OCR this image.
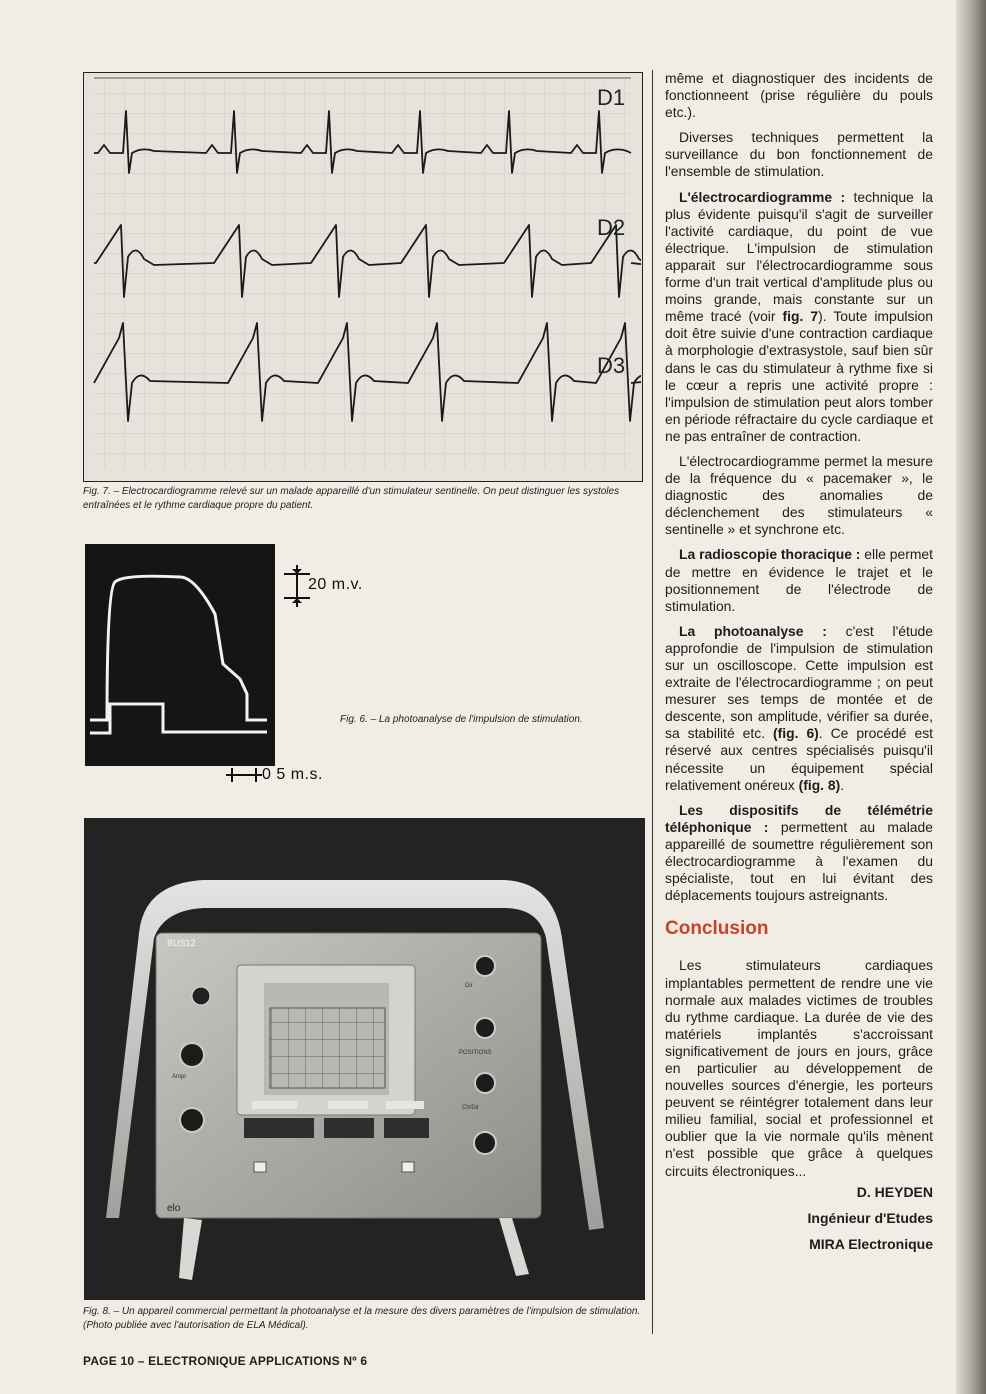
D1
D2
D3
Fig. 7. – Electrocardiogramme relevé sur un malade appareillé d'un stimulateur sentinelle. On peut distinguer les systoles entraînées et le rythme cardiaque propre du patient.
20 m.v.
0 5 m.s.
Fig. 6. – La photoanalyse de l'impulsion de stimulation.
BUS12
elo
POSITIONS
Ch/Dir
Dir
Ampl
Fig. 8. – Un appareil commercial permettant la photoanalyse et la mesure des divers paramètres de l'impulsion de stimulation. (Photo publiée avec l'autorisation de ELA Médical).

même et diagnostiquer des incidents de fonctionneent (prise régulière du pouls etc.).

Diverses techniques permettent la surveillance du bon fonctionnement de l'ensemble de stimulation.

L'électrocardiogramme : technique la plus évidente puisqu'il s'agit de surveiller l'activité cardiaque, du point de vue électrique. L'impulsion de stimulation apparait sur l'électrocardiogramme sous forme d'un trait vertical d'amplitude plus ou moins grande, mais constante sur un même tracé (voir fig. 7). Toute impulsion doit être suivie d'une contraction cardiaque à morphologie d'extrasystole, sauf bien sûr dans le cas du stimulateur à rythme fixe si le cœur a repris une activité propre : l'impulsion de stimulation peut alors tomber en période réfractaire du cycle cardiaque et ne pas entraîner de contraction.

L'électrocardiogramme permet la mesure de la fréquence du « pacemaker », le diagnostic des anomalies de déclenchement des stimulateurs « sentinelle » et synchrone etc.

La radioscopie thoracique : elle permet de mettre en évidence le trajet et le positionnement de l'électrode de stimulation.

La photoanalyse : c'est l'étude approfondie de l'impulsion de stimulation sur un oscilloscope. Cette impulsion est extraite de l'électrocardiogramme ; on peut mesurer ses temps de montée et de descente, son amplitude, vérifier sa durée, sa stabilité etc. (fig. 6). Ce procédé est réservé aux centres spécialisés puisqu'il nécessite un équipement spécial relativement onéreux (fig. 8).

Les dispositifs de télémétrie téléphonique : permettent au malade appareillé de soumettre régulièrement son électrocardiogramme à l'examen du spécialiste, tout en lui évitant des déplacements toujours astreignants.

Conclusion

Les stimulateurs cardiaques implantables permettent de rendre une vie normale aux malades victimes de troubles du rythme cardiaque. La durée de vie des matériels implantés s'accroissant significativement de jours en jours, grâce en particulier au développement de nouvelles sources d'énergie, les porteurs peuvent se réintégrer totalement dans leur milieu familial, social et professionnel et oublier que la vie normale qu'ils mènent n'est possible que grâce à quelques circuits électroniques...

D. HEYDEN

Ingénieur d'Etudes

MIRA Electronique

PAGE 10 – ELECTRONIQUE APPLICATIONS Nº 6
